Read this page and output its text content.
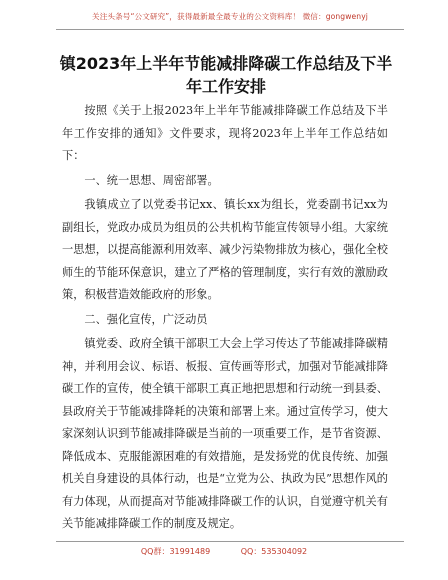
关注头条号“公文研究”，获得最新最全最专业的公文资料库！ 微信：gongwenyj
镇2023年上半年节能减排降碳工作总结及下半年工作安排

按照《关于上报2023年上半年节能减排降碳工作总结及下半年工作安排的通知》文件要求，现将2023年上半年工作总结如下：

一、统一思想、周密部署。

我镇成立了以党委书记xx、镇长xx为组长，党委副书记xx为副组长，党政办成员为组员的公共机构节能宣传领导小组。大家统一思想，以提高能源利用效率、减少污染物排放为核心，强化全校师生的节能环保意识，建立了严格的管理制度，实行有效的激励政策，积极营造效能政府的形象。

二、强化宣传，广泛动员

镇党委、政府全镇干部职工大会上学习传达了节能减排降碳精神，并利用会议、标语、板报、宣传画等形式，加强对节能减排降碳工作的宣传，使全镇干部职工真正地把思想和行动统一到县委、县政府关于节能减排降耗的决策和部署上来。通过宣传学习，使大家深刻认识到节能减排降碳是当前的一项重要工作，是节省资源、降低成本、克服能源困难的有效措施，是发扬党的优良传统、加强机关自身建设的具体行动，也是“立党为公、执政为民”思想作风的有力体现，从而提高对节能减排降碳工作的认识，自觉遵守机关有关节能减排降碳工作的制度及规定。

QQ群：31991489	QQ：535304092
